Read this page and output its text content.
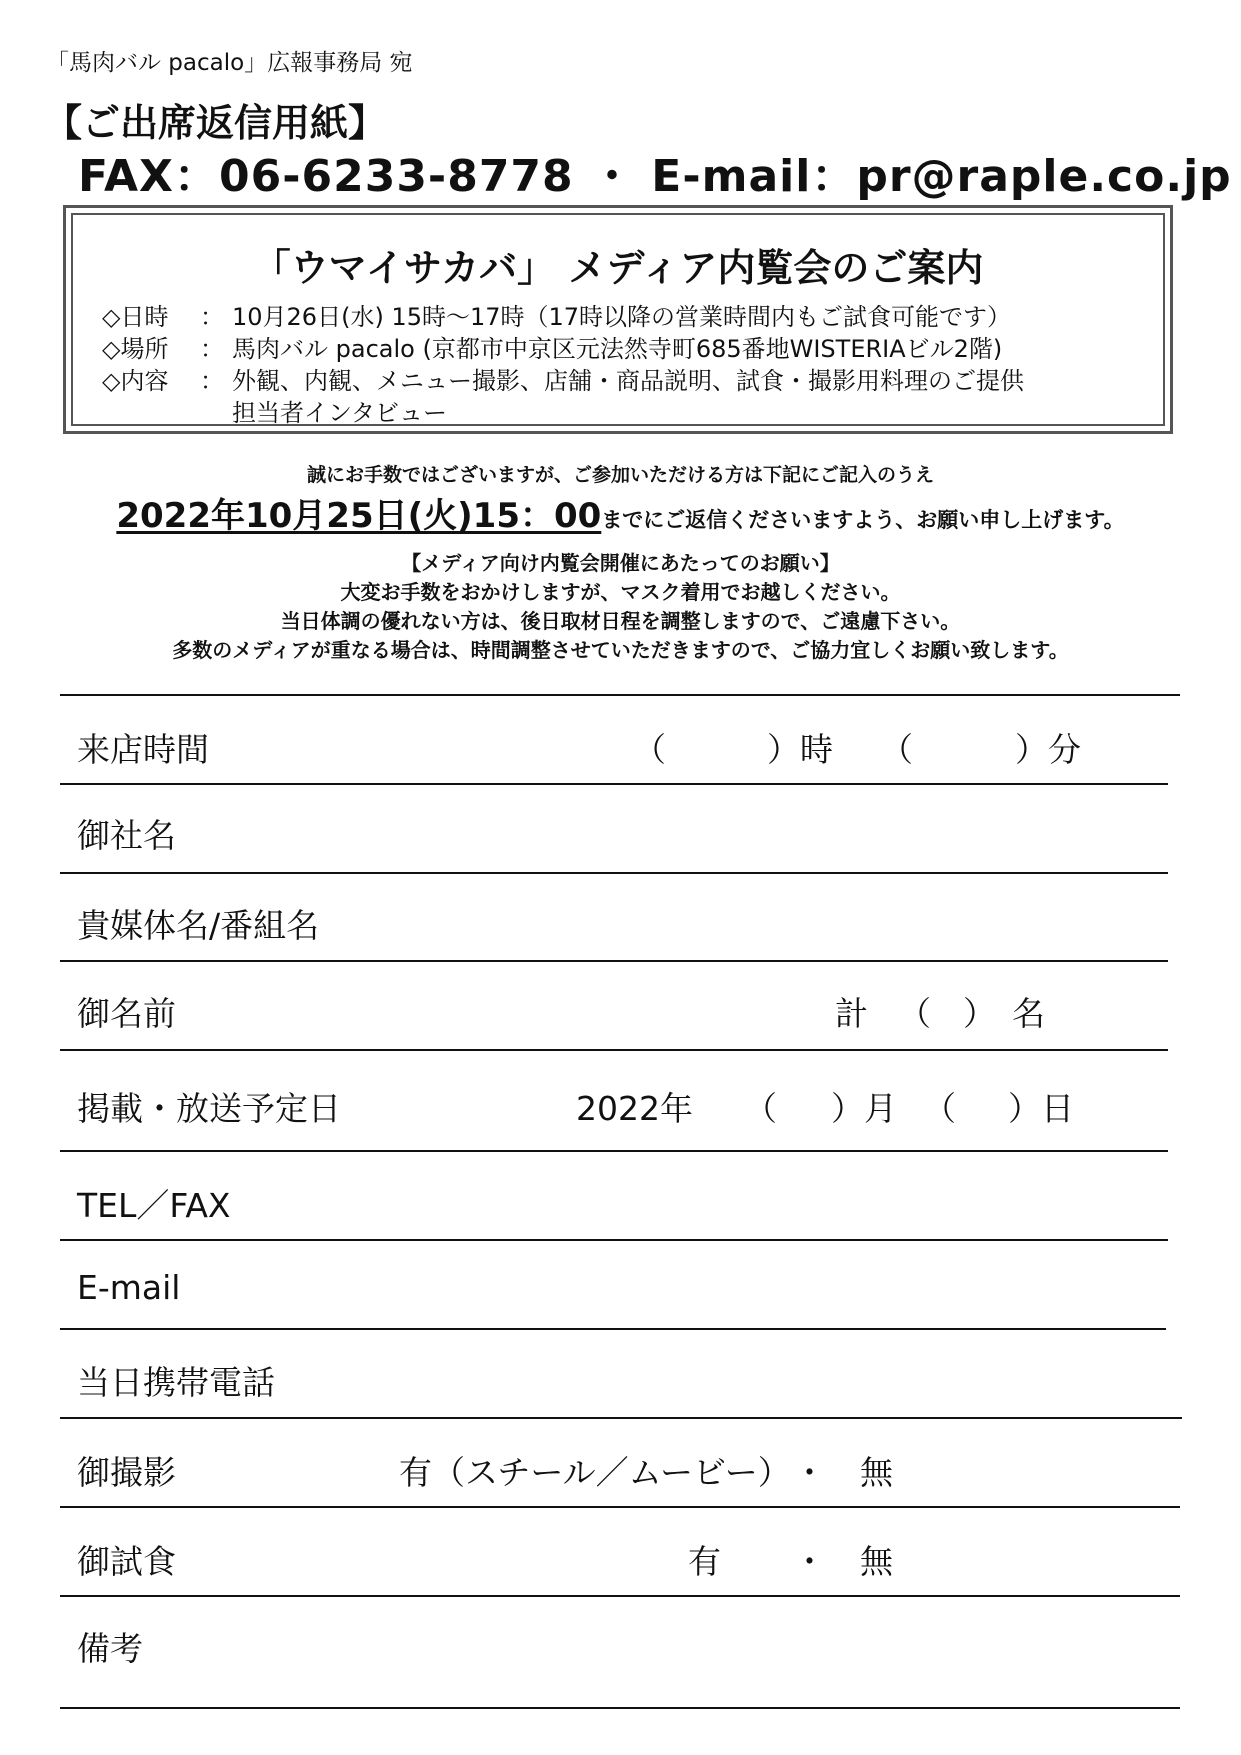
「馬肉バル pacalo」広報事務局 宛
【ご出席返信用紙】
FAX：06-6233-8778 ・ E-mail：pr@raple.co.jp
「ウマイサカバ」 メディア内覧会のご案内
◇日時 ： 10月26日(水) 15時～17時（17時以降の営業時間内もご試食可能です）
◇場所 ： 馬肉バル pacalo (京都市中京区元法然寺町685番地WISTERIAビル2階)
◇内容 ： 外観、内観、メニュー撮影、店舗・商品説明、試食・撮影用料理のご提供
担当者インタビュー
誠にお手数ではございますが、ご参加いただける方は下記にご記入のうえ
2022年10月25日(火)15：00までにご返信くださいますよう、お願い申し上げます。
【メディア向け内覧会開催にあたってのお願い】
大変お手数をおかけしますが、マスク着用でお越しください。
当日体調の優れない方は、後日取材日程を調整しますので、ご遠慮下さい。
多数のメディアが重なる場合は、時間調整させていただきますので、ご協力宜しくお願い致します。
来店時間	（	）時 （	）分
御社名
貴媒体名/番組名
御名前	計 （ ） 名
掲載・放送予定日	2022年 （ ）月 （ ）日
TEL／FAX
E-mail
当日携帯電話
御撮影	有（スチール／ムービー） ・ 無
御試食	有 ・ 無
備考
